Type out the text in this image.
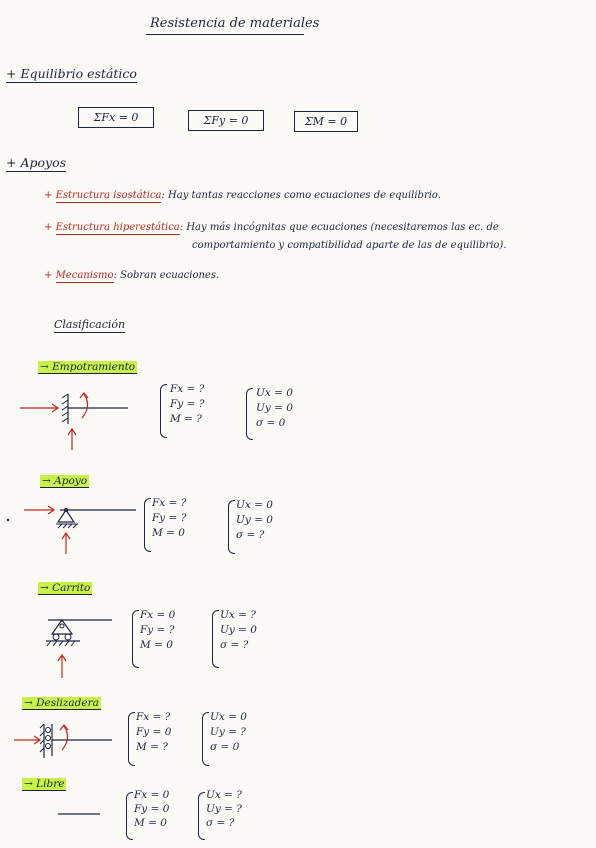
Resistencia de materiales
+ Equilibrio estático
ΣFx = 0	ΣFy = 0	ΣM = 0
+ Apoyos
+ Estructura isostática: Hay tantas reacciones como ecuaciones de equilibrio.
+ Estructura hiperestática: Hay más incógnitas que ecuaciones (necesitaremos las ec. de
comportamiento y compatibilidad aparte de las de equilibrio).
+ Mecanismo: Sobran ecuaciones.
Clasificación
→ Empotramiento
Fx = ?
Fy = ?
M = ?
Ux = 0
Uy = 0
σ = 0
→ Apoyo
Fx = ?
Fy = ?
M = 0
Ux = 0
Uy = 0
σ = ?
→ Carrito
Fx = 0
Fy = ?
M = 0
Ux = ?
Uy = 0
σ = ?
→ Deslizadera
Fx = ?
Fy = 0
M = ?
Ux = 0
Uy = ?
σ = 0
→ Libre
Fx = 0
Fy = 0
M = 0
Ux = ?
Uy = ?
σ = ?
